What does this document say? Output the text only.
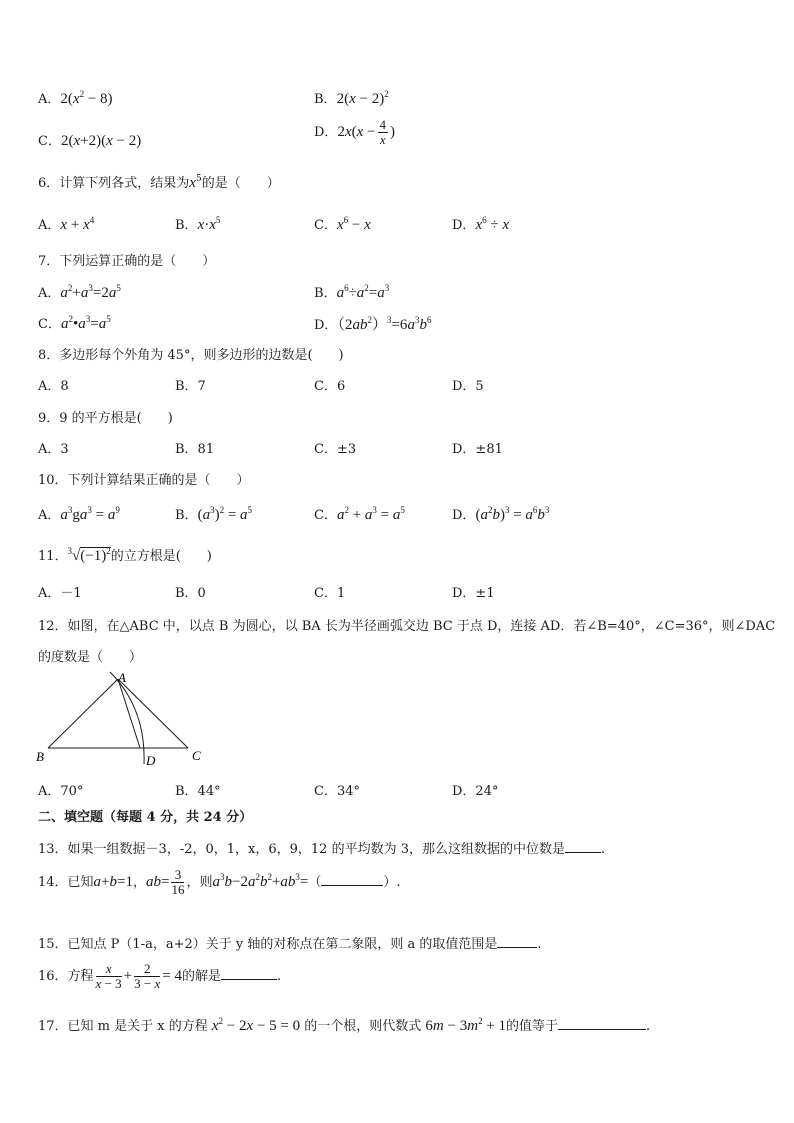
A．$2(x^2 - 8)$	B．$2(x - 2)^2$
C．2(x+2)(x − 2)
D．$2x(x - \frac{4}{x}$ )
6．计算下列各式，结果为$x^5$的是（　　）
A．$x + x^4$	B．$x\cdot x^5$	C．$x^6 - x$	D．$x^6 \div x$
7．下列运算正确的是（　　）
A．$a^2+a^3=2a^5$	B．$a^6\div a^2=a^3$
C．$a^2•a^3=a^5$	D．$(2ab^2)^3=6a^3b^6$
8．多边形每个外角为 45°，则多边形的边数是(　　)
A．8	B．7	C．6	D．5
9．9 的平方根是(　　)
A．3	B．81	C．±3	D．±81
10．下列计算结果正确的是（　　）
A．$a^3ga^3 = a^9$	B．$(a^3)^2 = a^5$	C．$a^2 + a^3 = a^5$	D．$(a^2b)^3 = a^6b^3$
11．$^3√(-1)^2$的立方根是(　　)
A．－1	B．0	C．1	D．±1
12．如图，在△ABC 中，以点 B 为圆心，以 BA 长为半径画弧交边 BC 于点 D，连接 AD．若∠B=40°，∠C=36°，则∠DAC
的度数是（　　）
A
B	C
D
A．70°	B．44°	C．34°	D．24°
二、填空题（每题 4 分，共 24 分）
13．如果一组数据－3，-2，0，1，x，6，9，12 的平均数为 3，那么这组数据的中位数是	.
14．已知a+b=1，$ab= \frac{3}{16}$ ，则$a^3b-2a^2b^2+ab^3=$（	）.
15．已知点 P（1-a，a+2）关于 y 轴的对称点在第二象限，则 a 的取值范围是	.
16．方程 $\frac{x}{x - 3} + \frac{2}{3 - x} = 4$的解是	.
17．已知 m 是关于 x 的方程 $x^2 - 2x - 5 = 0$ 的一个根，则代数式 $6m - 3m^2 + 1$的值等于	.
